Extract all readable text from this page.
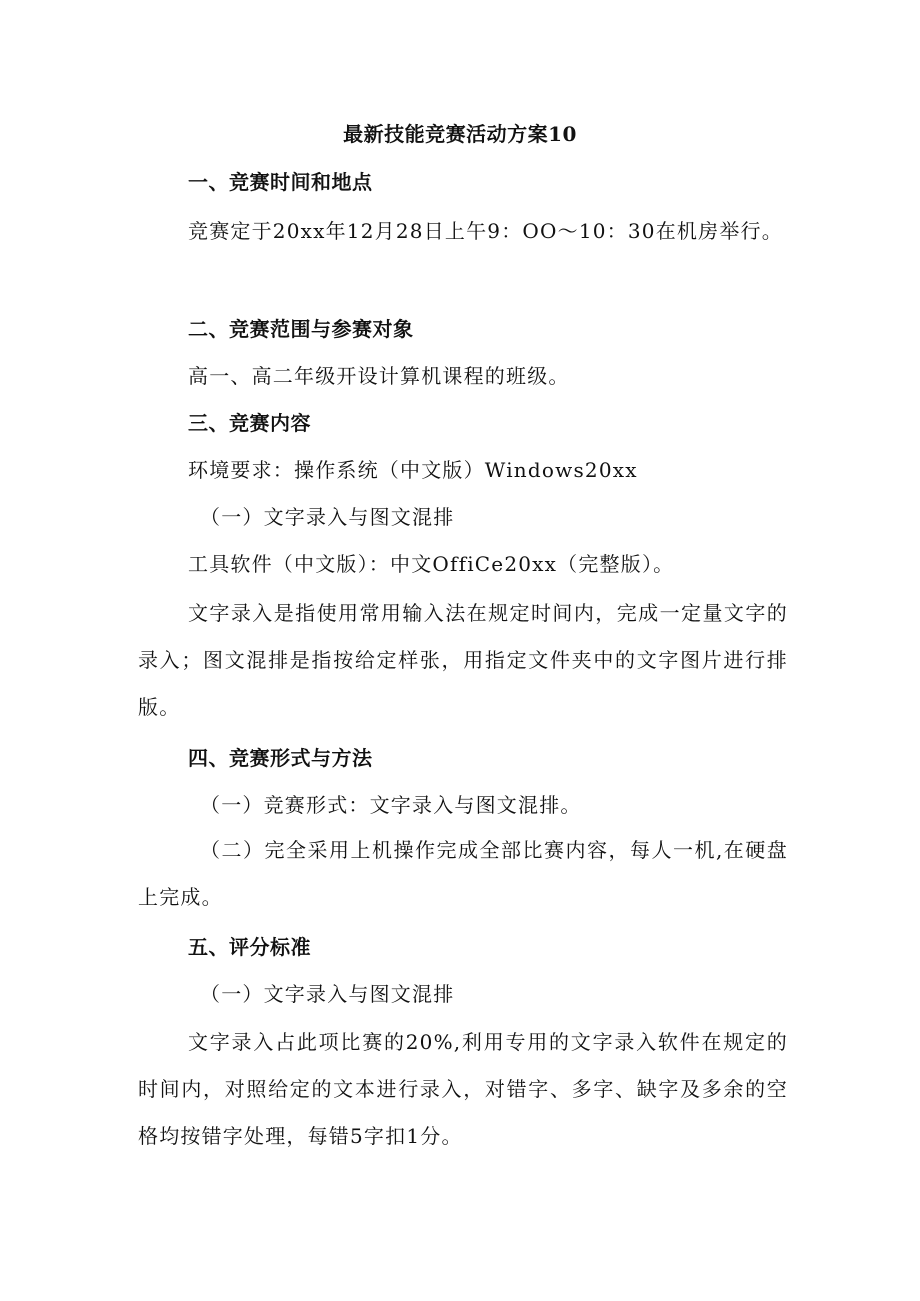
最新技能竞赛活动方案10
一、竞赛时间和地点

竞赛定于20xx年12月28日上午9：OO～10：30在机房举行。

二、竞赛范围与参赛对象
高一、高二年级开设计算机课程的班级。
三、竞赛内容
环境要求：操作系统（中文版）Windows20xx
（一）文字录入与图文混排
工具软件（中文版）：中文OffiCe20xx（完整版）。

文字录入是指使用常用输入法在规定时间内，完成一定量文字的录入；图文混排是指按给定样张，用指定文件夹中的文字图片进行排版。

四、竞赛形式与方法
（一）竞赛形式：文字录入与图文混排。

（二）完全采用上机操作完成全部比赛内容，每人一机,在硬盘上完成。

五、评分标准
（一）文字录入与图文混排

文字录入占此项比赛的20%,利用专用的文字录入软件在规定的时间内，对照给定的文本进行录入，对错字、多字、缺字及多余的空格均按错字处理，每错5字扣1分。
